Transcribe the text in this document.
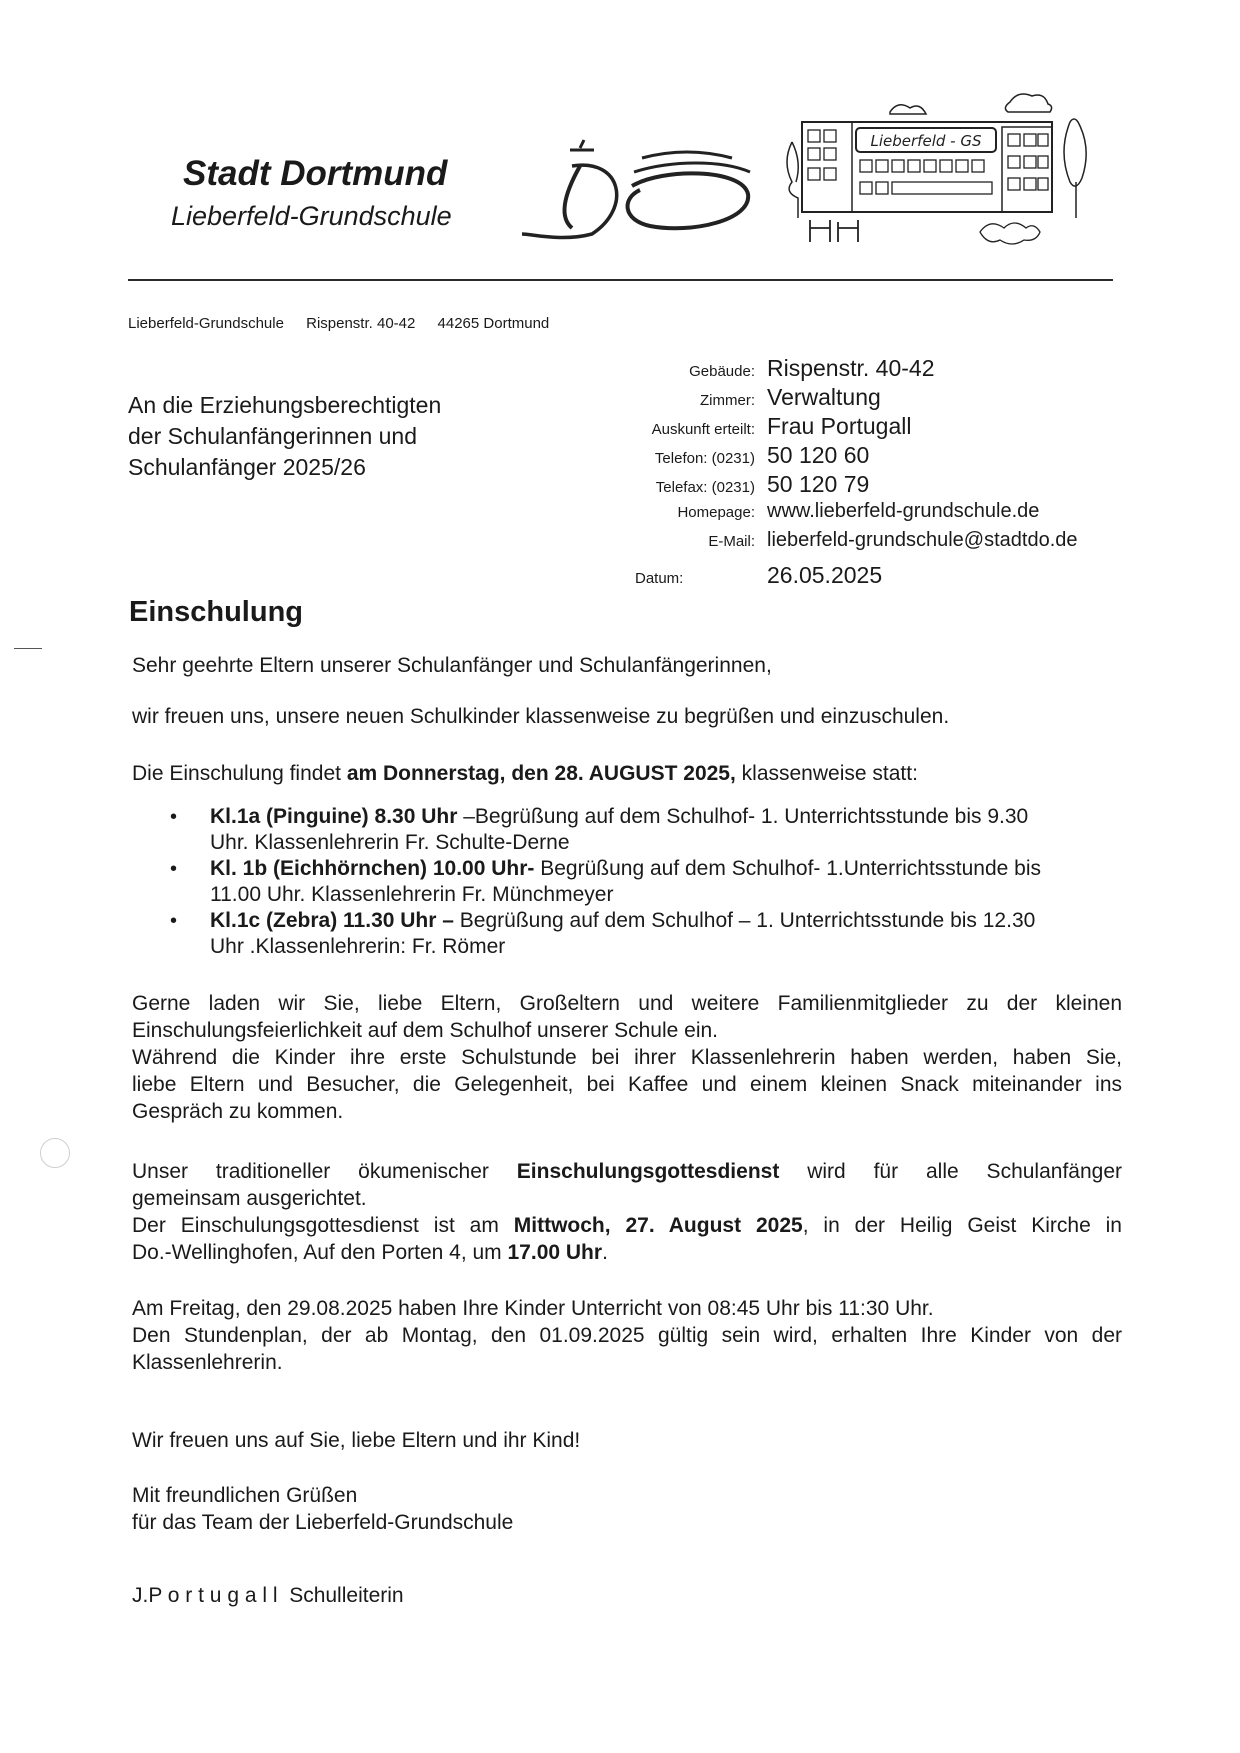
Stadt Dortmund
Lieberfeld-Grundschule
Lieberfeld - GS
Lieberfeld-Grundschule Rispenstr. 40-42 44265 Dortmund
An die Erziehungsberechtigten
der Schulanfängerinnen und
Schulanfänger 2025/26
Gebäude: Rispenstr. 40-42
Zimmer: Verwaltung
Auskunft erteilt: Frau Portugall
Telefon: (0231) 50 120 60
Telefax: (0231) 50 120 79
Homepage: www.lieberfeld-grundschule.de
E-Mail: lieberfeld-grundschule@stadtdo.de
Datum:	26.05.2025
Einschulung
Sehr geehrte Eltern unserer Schulanfänger und Schulanfängerinnen,
wir freuen uns, unsere neuen Schulkinder klassenweise zu begrüßen und einzuschulen.
Die Einschulung findet am Donnerstag, den 28. AUGUST 2025, klassenweise statt:
• Kl.1a (Pinguine) 8.30 Uhr –Begrüßung auf dem Schulhof- 1. Unterrichtsstunde bis 9.30
Uhr. Klassenlehrerin Fr. Schulte-Derne
• Kl. 1b (Eichhörnchen) 10.00 Uhr- Begrüßung auf dem Schulhof- 1.Unterrichtsstunde bis
11.00 Uhr. Klassenlehrerin Fr. Münchmeyer
• Kl.1c (Zebra) 11.30 Uhr – Begrüßung auf dem Schulhof – 1. Unterrichtsstunde bis 12.30
Uhr .Klassenlehrerin: Fr. Römer
Gerne laden wir Sie, liebe Eltern, Großeltern und weitere Familienmitglieder zu der kleinen
Einschulungsfeierlichkeit auf dem Schulhof unserer Schule ein.
Während die Kinder ihre erste Schulstunde bei ihrer Klassenlehrerin haben werden, haben Sie,
liebe Eltern und Besucher, die Gelegenheit, bei Kaffee und einem kleinen Snack miteinander ins
Gespräch zu kommen.
Unser traditioneller ökumenischer Einschulungsgottesdienst wird für alle Schulanfänger
gemeinsam ausgerichtet.
Der Einschulungsgottesdienst ist am Mittwoch, 27. August 2025, in der Heilig Geist Kirche in
Do.-Wellinghofen, Auf den Porten 4, um 17.00 Uhr.
Am Freitag, den 29.08.2025 haben Ihre Kinder Unterricht von 08:45 Uhr bis 11:30 Uhr.
Den Stundenplan, der ab Montag, den 01.09.2025 gültig sein wird, erhalten Ihre Kinder von der
Klassenlehrerin.
Wir freuen uns auf Sie, liebe Eltern und ihr Kind!
Mit freundlichen Grüßen
für das Team der Lieberfeld-Grundschule
J.P o r t u g a l l Schulleiterin
